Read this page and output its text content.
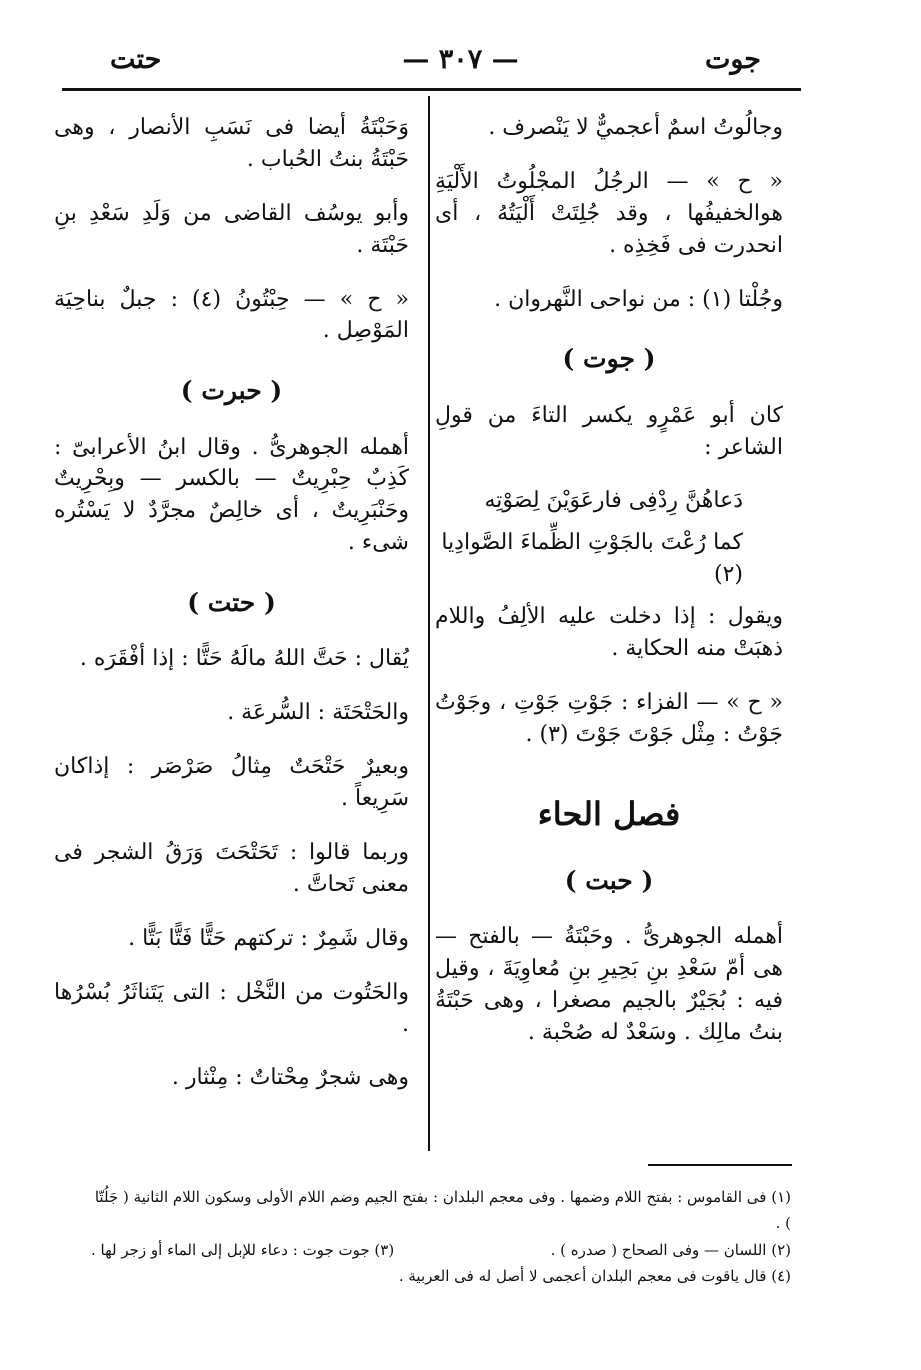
جوت
— ٣٠٧ —
حتت
وجالُوتُ اسمٌ أعجميٌّ لا يَنْصرف .
« ح » — الرجُلُ المجْلُوتُ الأَلْيَةِ هوالخفيفُها ، وقد جُلِتَتْ أَلْيَتُهُ ، أى انحدرت فى فَخِذِه .
وجُلْتا (١) : من نواحى النَّهروان .
( جوت )
كان أبو عَمْرٍو يكسر التاءَ من قولِ الشاعر :
دَعاهُنَّ رِدْفِى فارعَوَيْنَ لِصَوْتِه
كما رُعْتَ بالجَوْتِ الظِّماءَ الصَّوادِيا (٢)
ويقول : إذا دخلت عليه الألِفُ واللام ذهبَتْ منه الحكاية .
« ح » — الفزاء : جَوْتِ جَوْتِ ، وجَوْتُ جَوْتُ : مِثْل جَوْتَ جَوْتَ (٣) .
فصل الحاء
( حبت )
أهمله الجوهرىُّ . وحَبْتَةُ — بالفتح — هى أمّ سَعْدِ بنِ بَحِيرِ بنِ مُعاوِيَةَ ، وقيل فيه : بُجَيْرٌ بالجيم مصغرا ، وهى حَبْتَةُ بنتُ مالِك . وسَعْدٌ له صُحْبة .
وَحَبْتَةُ أيضا فى نَسَبِ الأنصار ، وهى حَبْتَةُ بنتُ الحُباب .
وأبو يوسُف القاضى من وَلَدِ سَعْدِ بنِ حَبْتَة .
« ح » — حِبْتُونُ (٤) : جبلٌ بناحِيَة المَوْصِل .
( حبرت )
أهمله الجوهرىُّ . وقال ابنُ الأعرابىّ : كَذِبٌ حِبْرِيتٌ — بالكسر — وبِحْرِيتٌ وحَنْبَرِيتٌ ، أى خالِصٌ مجرَّدٌ لا يَسْتُره شىء .
( حتت )
يُقال : حَتَّ اللهُ مالَهُ حَتًّا : إذا أفْقَرَه .
والحَتْحَتَة : السُّرعَة .
وبعيرٌ حَتْحَتٌ مِثالُ صَرْصَر : إذاكان سَرِيعاً .
وربما قالوا : تَحَتْحَتَ وَرَقُ الشجر فى معنى تَحاتَّ .
وقال شَمِرٌ : تركتهم حَتًّا فَتًّا بَتًّا .
والحَتُوت من النَّخْل : التى يَتَناثَرُ بُسْرُها .
وهى شجرٌ مِحْتاتٌ : مِنْثار .
(١) فى القاموس : بفتح اللام وضمها . وفى معجم البلدان : بفتح الجيم وضم اللام الأولى وسكون اللام الثانية ( جَلُتّا ) .
(٢) اللسان — وفى الصحاح ( صدره ) .
(٣) جوت جوت : دعاء للإبل إلى الماء أو زجر لها .
(٤) قال ياقوت فى معجم البلدان أعجمى لا أصل له فى العربية .
